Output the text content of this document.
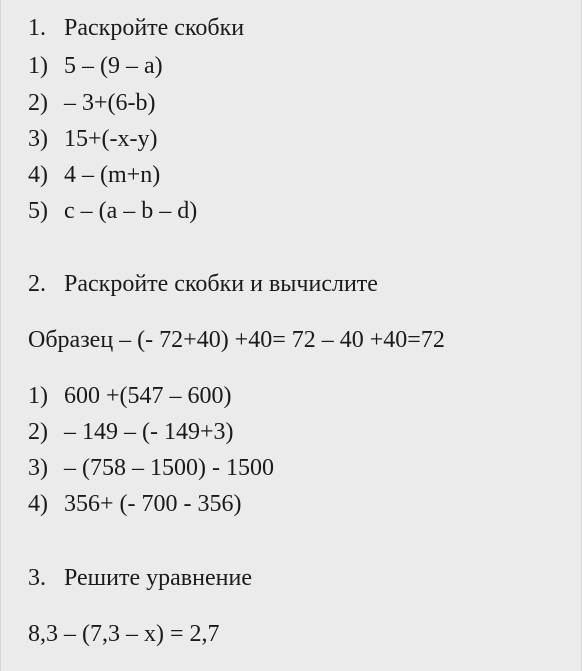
1. Раскройте скобки
1) 5 – (9 – a)
2) – 3+(6-b)
3) 15+(-x-y)
4) 4 – (m+n)
5) c – (a – b – d)
2. Раскройте скобки и вычислите
Образец – (- 72+40) +40= 72 – 40 +40=72
1) 600 +(547 – 600)
2) – 149 – (- 149+3)
3) – (758 – 1500) - 1500
4) 356+ (- 700 - 356)
3. Решите уравнение
8,3 – (7,3 – x) = 2,7
